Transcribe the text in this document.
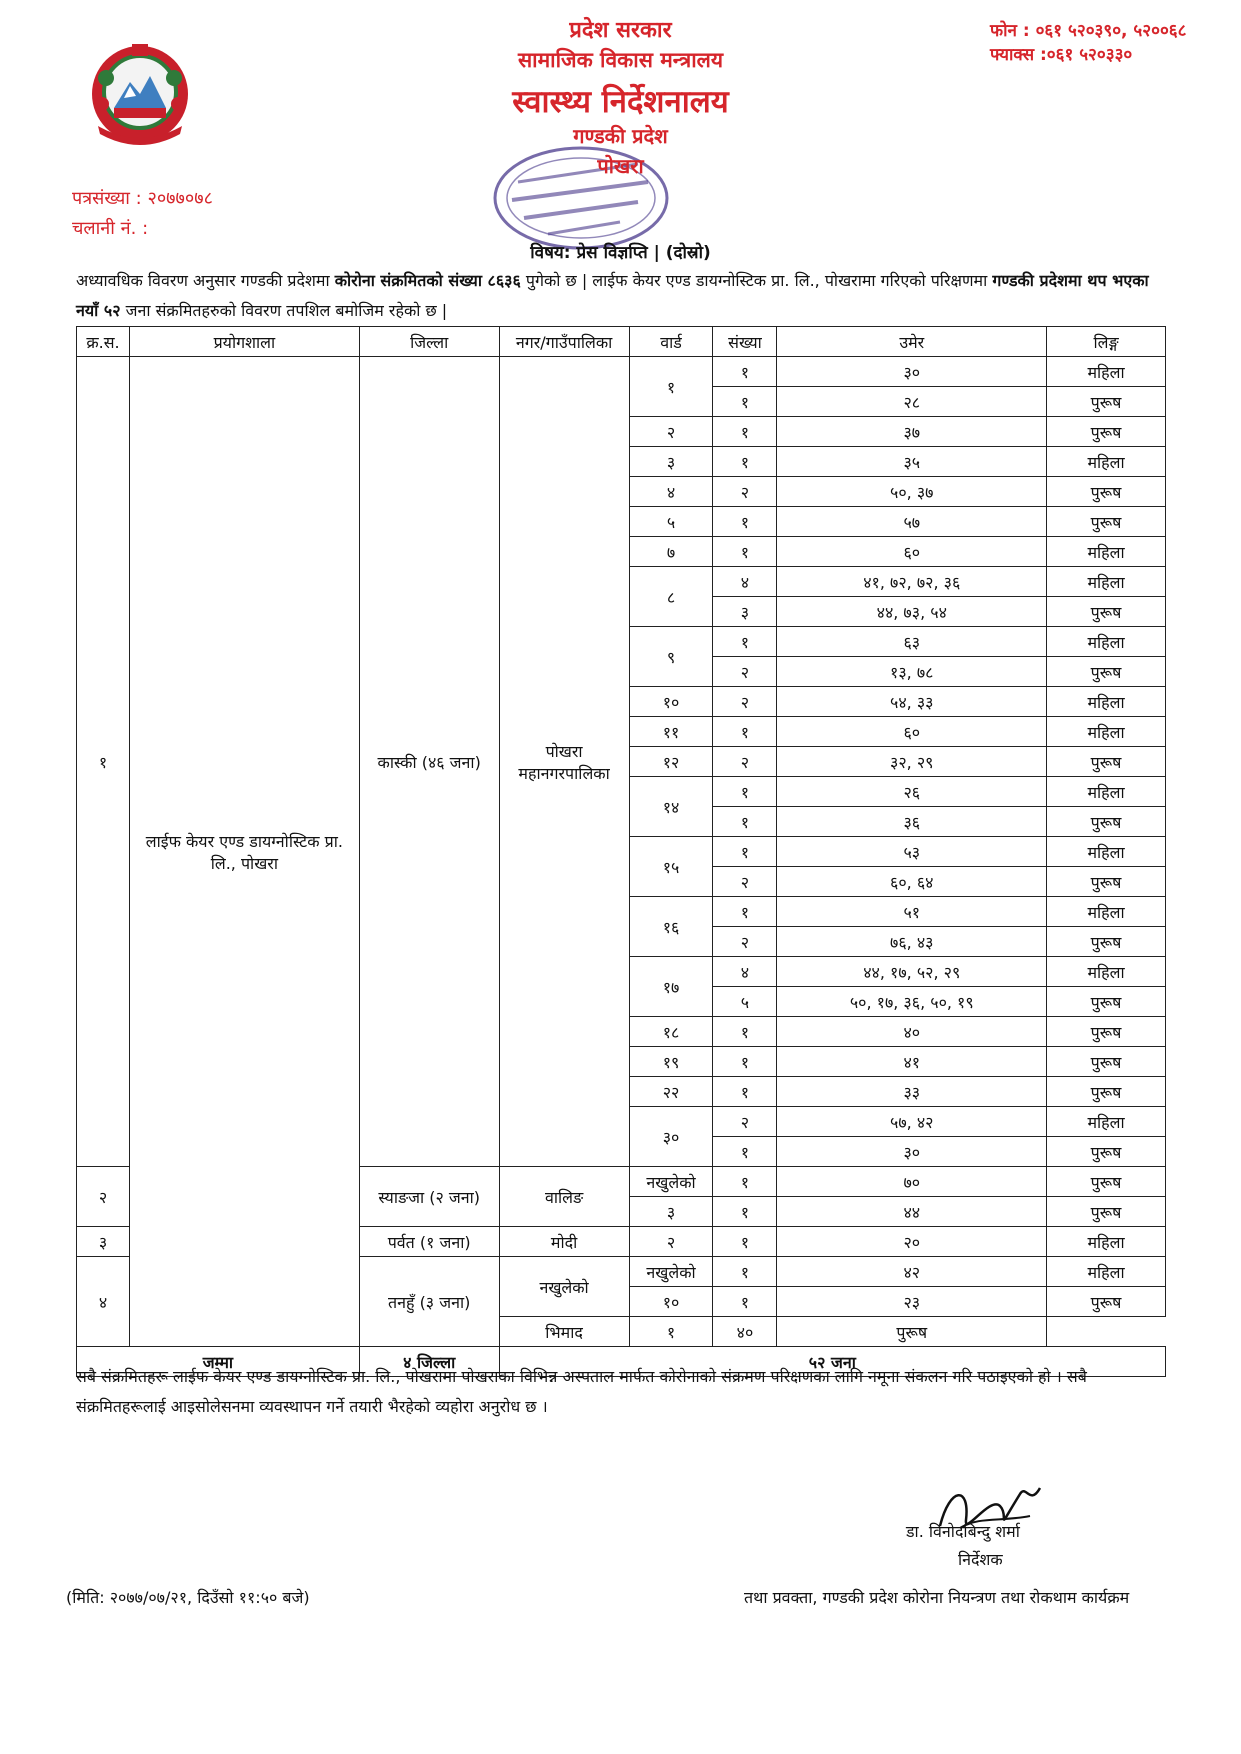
प्रदेश सरकार
सामाजिक विकास मन्त्रालय
स्वास्थ्य निर्देशनालय
गण्डकी प्रदेश
पोखरा
फोन : ०६१ ५२०३९०, ५२००६८
फ्याक्स :०६१ ५२०३३०
पत्रसंख्या : २०७७०७८
चलानी नं. :
विषय: प्रेस विज्ञप्ति | (दोस्रो)
अध्यावधिक विवरण अनुसार गण्डकी प्रदेशमा कोरोना संक्रमितको संख्या ८६३६ पुगेको छ | लाईफ केयर एण्ड डायग्नोस्टिक प्रा. लि., पोखरामा गरिएको परिक्षणमा गण्डकी प्रदेशमा थप भएका नयाँ ५२ जना संक्रमितहरुको विवरण तपशिल बमोजिम रहेको छ |
क्र.स.	प्रयोगशाला	जिल्ला	नगर/गाउँपालिका	वार्ड	संख्या	उमेर	लिङ्ग
१	लाईफ केयर एण्ड डायग्नोस्टिक प्रा. लि., पोखरा	कास्की (४६ जना)	पोखरा महानगरपालिका	१	१	३०	महिला
					१	२८	पुरूष
				२	१	३७	पुरूष
				३	१	३५	महिला
				४	२	५०, ३७	पुरूष
				५	१	५७	पुरूष
				७	१	६०	महिला
				८	४	४१, ७२, ७२, ३६	महिला
					३	४४, ७३, ५४	पुरूष
				९	१	६३	महिला
					२	१३, ७८	पुरूष
				१०	२	५४, ३३	महिला
				११	१	६०	महिला
				१२	२	३२, २९	पुरूष
				१४	१	२६	महिला
					१	३६	पुरूष
				१५	१	५३	महिला
					२	६०, ६४	पुरूष
				१६	१	५१	महिला
					२	७६, ४३	पुरूष
				१७	४	४४, १७, ५२, २९	महिला
					५	५०, १७, ३६, ५०, १९	पुरूष
				१८	१	४०	पुरूष
				१९	१	४१	पुरूष
				२२	१	३३	पुरूष
				३०	२	५७, ४२	महिला
					१	३०	पुरूष
२		स्याङजा (२ जना)	वालिङ	नखुलेको	१	७०	पुरूष
				३	१	४४	पुरूष
३		पर्वत (१ जना)	मोदी	२	१	२०	महिला
४		तनहुँ (३ जना)	नखुलेको	नखुलेको	१	४२	महिला
				१०	१	२३	पुरूष
			भिमाद	१	४०	पुरूष	
जम्मा		४ जिल्ला	५२ जना				
सबै संक्रमितहरू लाईफ केयर एण्ड डायग्नोस्टिक प्रा. लि., पोखरामा पोखराका विभिन्न अस्पताल मार्फत कोरोनाको संक्रमण परिक्षणका लागि नमूना संकलन गरि पठाइएको हो । सबै संक्रमितहरूलाई आइसोलेसनमा व्यवस्थापन गर्ने तयारी भैरहेको व्यहोरा अनुरोध छ ।
डा. विनोदबिन्दु शर्मा
निर्देशक
(मिति: २०७७/०७/२१, दिउँसो ११:५० बजे)	तथा प्रवक्ता, गण्डकी प्रदेश कोरोना नियन्त्रण तथा रोकथाम कार्यक्रम
